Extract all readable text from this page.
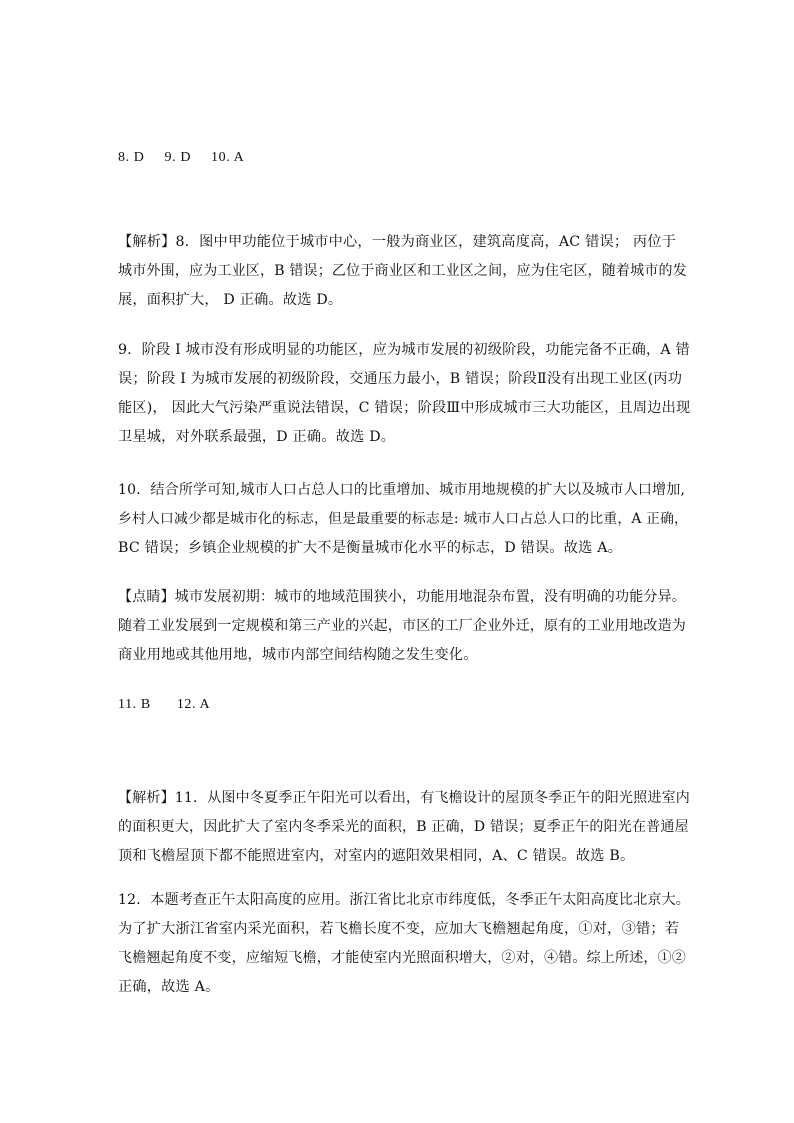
8. D 9. D 10. A
【解析】8．图中甲功能位于城市中心，一般为商业区，建筑高度高，AC 错误； 丙位于
城市外围，应为工业区，B 错误；乙位于商业区和工业区之间，应为住宅区，随着城市的发
展，面积扩大， D 正确。故选 D。
9．阶段 I 城市没有形成明显的功能区，应为城市发展的初级阶段，功能完备不正确，A 错
误；阶段 I 为城市发展的初级阶段，交通压力最小，B 错误；阶段Ⅱ没有出现工业区(丙功
能区)， 因此大气污染严重说法错误，C 错误；阶段Ⅲ中形成城市三大功能区，且周边出现
卫星城，对外联系最强，D 正确。故选 D。
10．结合所学可知,城市人口占总人口的比重增加、城市用地规模的扩大以及城市人口增加,
乡村人口减少都是城市化的标志，但是最重要的标志是: 城市人口占总人口的比重，A 正确，
BC 错误；乡镇企业规模的扩大不是衡量城市化水平的标志，D 错误。故选 A。
【点睛】城市发展初期：城市的地域范围狭小，功能用地混杂布置，没有明确的功能分异。
随着工业发展到一定规模和第三产业的兴起，市区的工厂企业外迁，原有的工业用地改造为
商业用地或其他用地，城市内部空间结构随之发生变化。
11. B 12. A
【解析】11．从图中冬夏季正午阳光可以看出，有飞檐设计的屋顶冬季正午的阳光照进室内
的面积更大，因此扩大了室内冬季采光的面积，B 正确，D 错误；夏季正午的阳光在普通屋
顶和飞檐屋顶下都不能照进室内，对室内的遮阳效果相同，A、C 错误。故选 B。
12．本题考查正午太阳高度的应用。浙江省比北京市纬度低，冬季正午太阳高度比北京大。
为了扩大浙江省室内采光面积，若飞檐长度不变，应加大飞檐翘起角度，①对，③错；若
飞檐翘起角度不变，应缩短飞檐，才能使室内光照面积增大，②对，④错。综上所述，①②
正确，故选 A。
